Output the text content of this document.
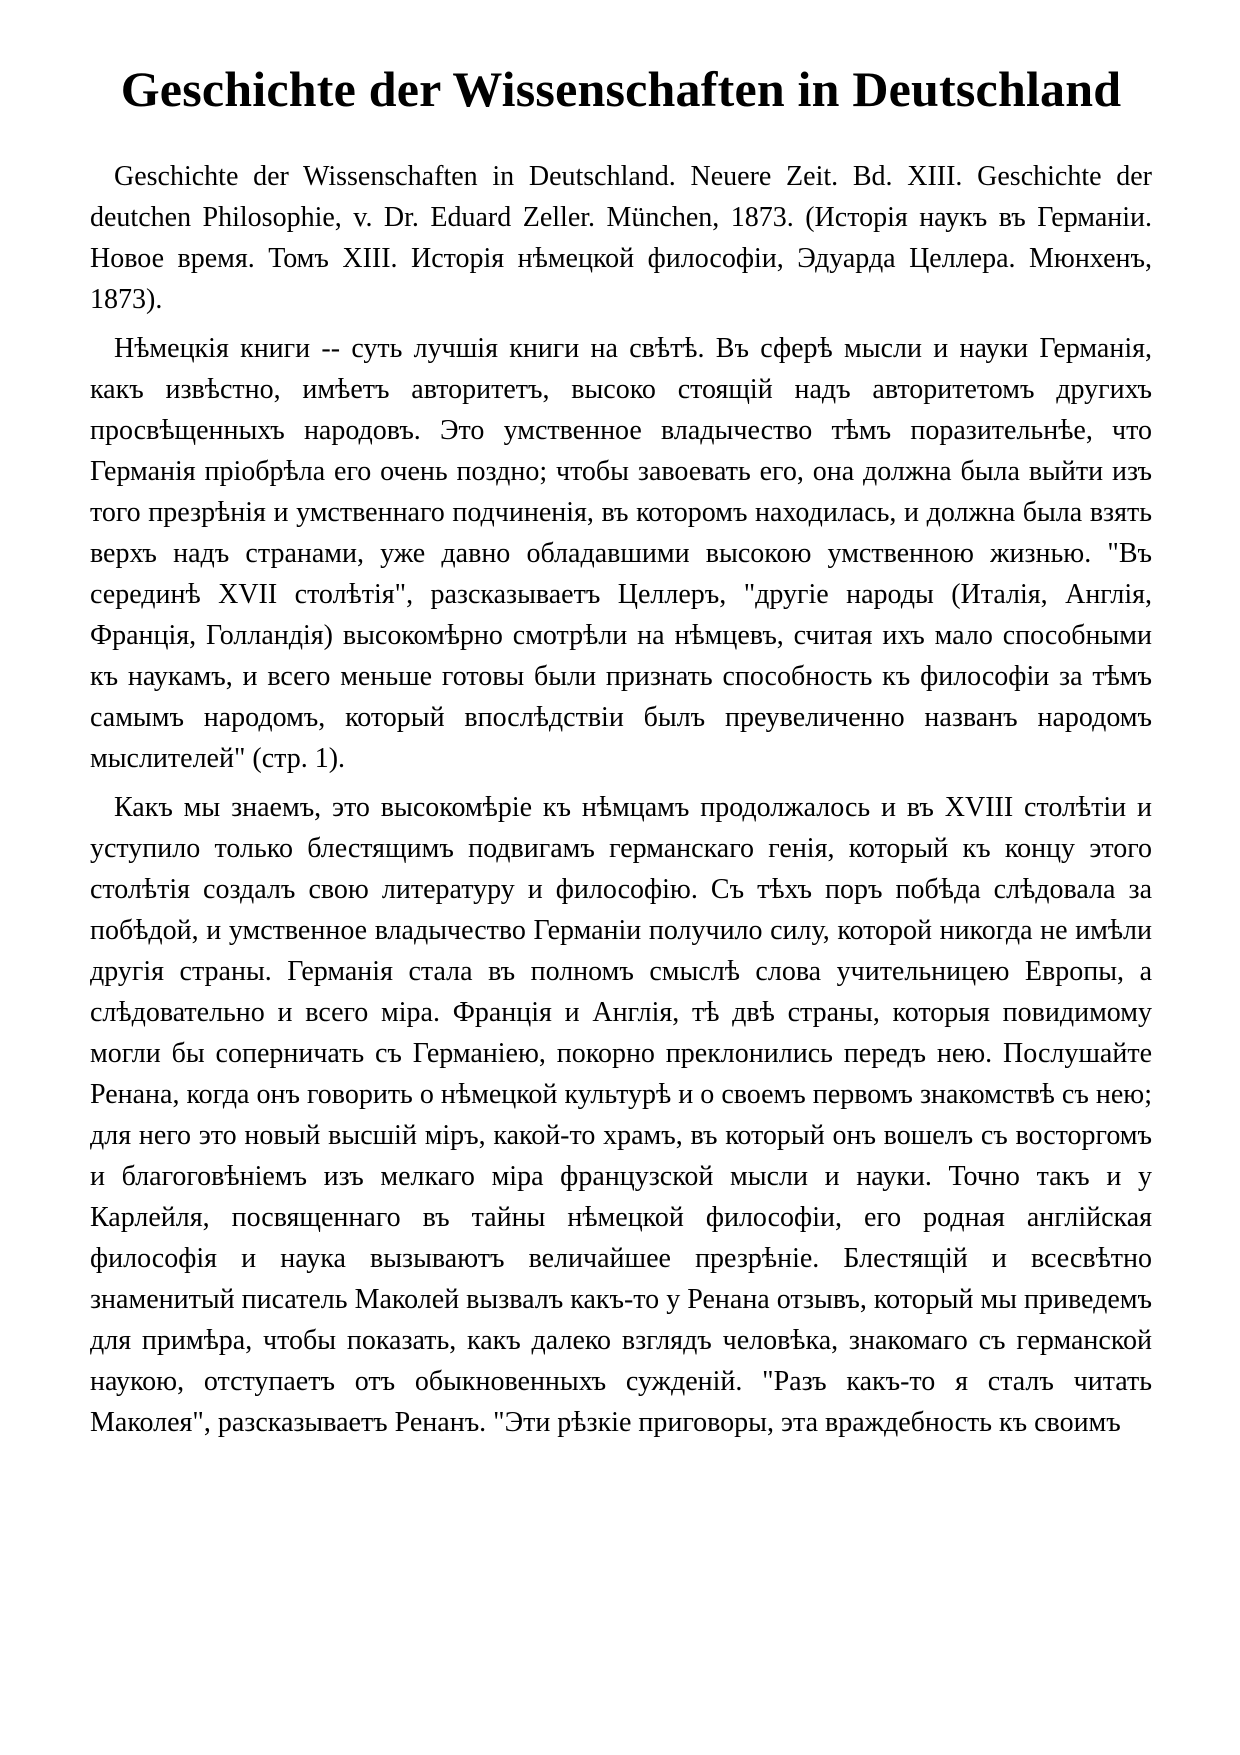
Geschichte der Wissenschaften in Deutschland

Geschichte der Wissenschaften in Deutschland. Neuere Zeit. Bd. XIII. Geschichte der deutchen Philosophie, v. Dr. Eduard Zeller. München, 1873. (Исторія наукъ въ Германіи. Новое время. Томъ XIII. Исторія нѣмецкой философіи, Эдуарда Целлера. Мюнхенъ, 1873).

Нѣмецкія книги -- суть лучшія книги на свѣтѣ. Въ сферѣ мысли и науки Германія, какъ извѣстно, имѣетъ авторитетъ, высоко стоящій надъ авторитетомъ другихъ просвѣщенныхъ народовъ. Это умственное владычество тѣмъ поразительнѣе, что Германія пріобрѣла его очень поздно; чтобы завоевать его, она должна была выйти изъ того презрѣнія и умственнаго подчиненія, въ которомъ находилась, и должна была взять верхъ надъ странами, уже давно обладавшими высокою умственною жизнью. "Въ серединѣ XVII столѣтія", разсказываетъ Целлеръ, "другіе народы (Италія, Англія, Франція, Голландія) высокомѣрно смотрѣли на нѣмцевъ, считая ихъ мало способными къ наукамъ, и всего меньше готовы были признать способность къ философіи за тѣмъ самымъ народомъ, который впослѣдствіи былъ преувеличенно названъ народомъ мыслителей" (стр. 1).

Какъ мы знаемъ, это высокомѣріе къ нѣмцамъ продолжалось и въ XVIII столѣтіи и уступило только блестящимъ подвигамъ германскаго генія, который къ концу этого столѣтія создалъ свою литературу и философію. Съ тѣхъ поръ побѣда слѣдовала за побѣдой, и умственное владычество Германіи получило силу, которой никогда не имѣли другія страны. Германія стала въ полномъ смыслѣ слова учительницею Европы, а слѣдовательно и всего міра. Франція и Англія, тѣ двѣ страны, которыя повидимому могли бы соперничать съ Германіею, покорно преклонились передъ нею. Послушайте Ренана, когда онъ говорить о нѣмецкой культурѣ и о своемъ первомъ знакомствѣ съ нею; для него это новый высшій міръ, какой-то храмъ, въ который онъ вошелъ съ восторгомъ и благоговѣніемъ изъ мелкаго міра французской мысли и науки. Точно такъ и у Карлейля, посвященнаго въ тайны нѣмецкой философіи, его родная англійская философія и наука вызываютъ величайшее презрѣніе. Блестящій и всесвѣтно знаменитый писатель Маколей вызвалъ какъ-то у Ренана отзывъ, который мы приведемъ для примѣра, чтобы показать, какъ далеко взглядъ человѣка, знакомаго съ германской наукою, отступаетъ отъ обыкновенныхъ сужденій. "Разъ какъ-то я сталъ читать Маколея", разсказываетъ Ренанъ. "Эти рѣзкіе приговоры, эта враждебность къ своимъ
